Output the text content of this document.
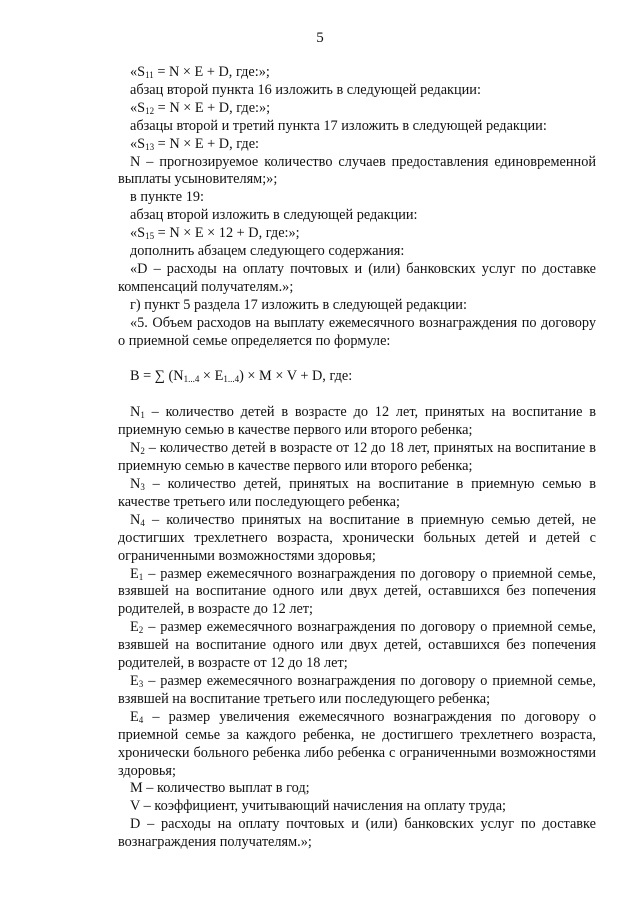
5

«$S_{11} = N \times E + D$, где:»;

абзац второй пункта 16 изложить в следующей редакции:

«$S_{12} = N \times E + D$, где:»;

абзацы второй и третий пункта 17 изложить в следующей редакции:

«$S_{13} = N \times E + D$, где:

N – прогнозируемое количество случаев предоставления единовременной выплаты усыновителям;»;

в пункте 19:

абзац второй изложить в следующей редакции:

«$S_{15} = N \times E \times 12 + D$, где:»;

дополнить абзацем следующего содержания:

«D – расходы на оплату почтовых и (или) банковских услуг по доставке компенсаций получателям.»;

г) пункт 5 раздела 17 изложить в следующей редакции:

«5. Объем расходов на выплату ежемесячного вознаграждения по договору о приемной семье определяется по формуле:

B = ∑ $(N_{1...4} \times E_{1...4}) \times M \times V + D$, где:

$N_1$ – количество детей в возрасте до 12 лет, принятых на воспитание в приемную семью в качестве первого или второго ребенка;

$N_2$ – количество детей в возрасте от 12 до 18 лет, принятых на воспитание в приемную семью в качестве первого или второго ребенка;

$N_3$ – количество детей, принятых на воспитание в приемную семью в качестве третьего или последующего ребенка;

$N_4$ – количество принятых на воспитание в приемную семью детей, не достигших трехлетнего возраста, хронически больных детей и детей с ограниченными возможностями здоровья;

$E_1$ – размер ежемесячного вознаграждения по договору о приемной семье, взявшей на воспитание одного или двух детей, оставшихся без попечения родителей, в возрасте до 12 лет;

$E_2$ – размер ежемесячного вознаграждения по договору о приемной семье, взявшей на воспитание одного или двух детей, оставшихся без попечения родителей, в возрасте от 12 до 18 лет;

$E_3$ – размер ежемесячного вознаграждения по договору о приемной семье, взявшей на воспитание третьего или последующего ребенка;

$E_4$ – размер увеличения ежемесячного вознаграждения по договору о приемной семье за каждого ребенка, не достигшего трехлетнего возраста, хронически больного ребенка либо ребенка с ограниченными возможностями здоровья;

M – количество выплат в год;

V – коэффициент, учитывающий начисления на оплату труда;

D – расходы на оплату почтовых и (или) банковских услуг по доставке вознаграждения получателям.»;
